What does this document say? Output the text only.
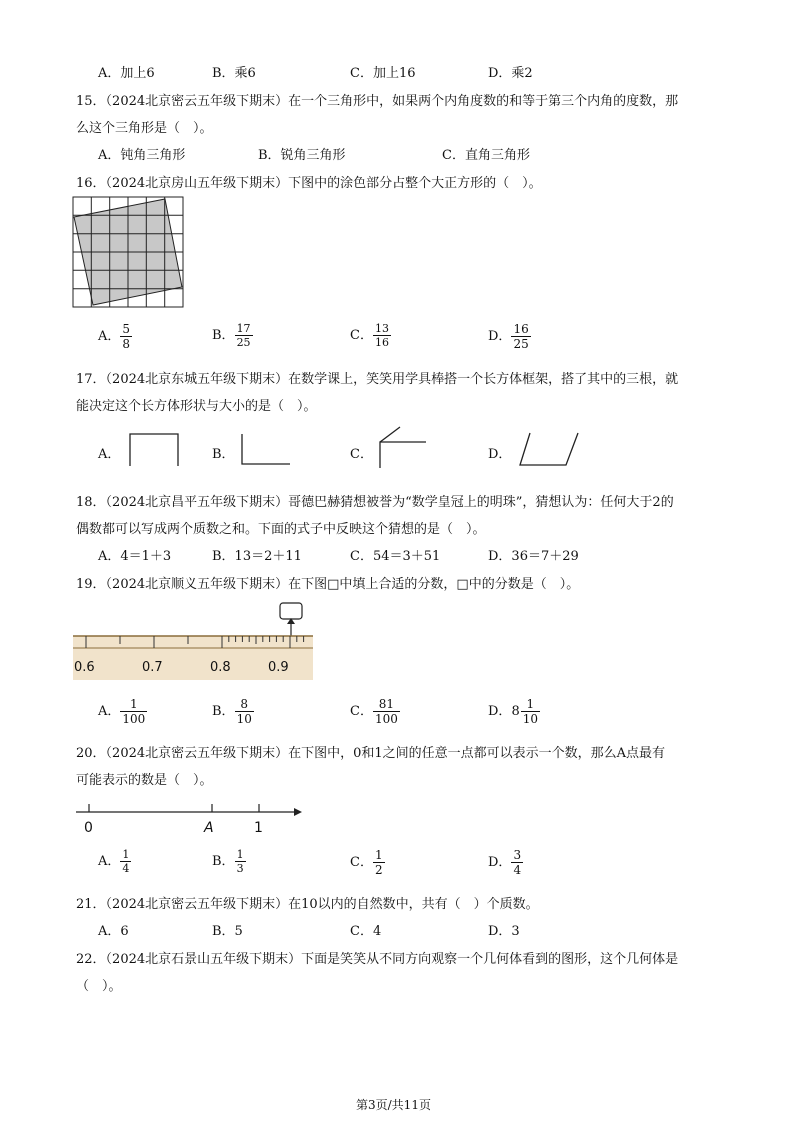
A．加上6	B．乘6	C．加上16	D．乘2
15．（2024北京密云五年级下期末）在一个三角形中，如果两个内角度数的和等于第三个内角的度数，那
么这个三角形是（　）。
A．钝角三角形	B．锐角三角形	C．直角三角形
16．（2024北京房山五年级下期末）下图中的涂色部分占整个大正方形的（　）。
A． $\frac{5}{8}$	B． $\frac{17}{25}$	C． $\frac{13}{16}$	D． $\frac{16}{25}$
17．（2024北京东城五年级下期末）在数学课上，笑笑用学具棒搭一个长方体框架，搭了其中的三根，就
能决定这个长方体形状与大小的是（　）。
A．	B．	C．	D．
18．（2024北京昌平五年级下期末）哥德巴赫猜想被誉为“数学皇冠上的明珠”，猜想认为：任何大于2的
偶数都可以写成两个质数之和。下面的式子中反映这个猜想的是（　）。
A．4＝1＋3	B．13＝2＋11	C．54＝3＋51	D．36＝7＋29
19．（2024北京顺义五年级下期末）在下图□中填上合适的分数，□中的分数是（　）。
0.6	0.7	0.8	0.9
A． $\frac{1}{100}$	B． $\frac{8}{10}$	C． $\frac{81}{100}$	D．$8 \frac{1}{10}$
20．（2024北京密云五年级下期末）在下图中，0和1之间的任意一点都可以表示一个数，那么A点最有
可能表示的数是（　）。
0	A	1
A． $\frac{1}{4}$	B． $\frac{1}{3}$	C． $\frac{1}{2}$	D． $\frac{3}{4}$
21．（2024北京密云五年级下期末）在10以内的自然数中，共有（　）个质数。
A．6	B．5	C．4	D．3
22．（2024北京石景山五年级下期末）下面是笑笑从不同方向观察一个几何体看到的图形，这个几何体是
（　）。
第3页/共11页
